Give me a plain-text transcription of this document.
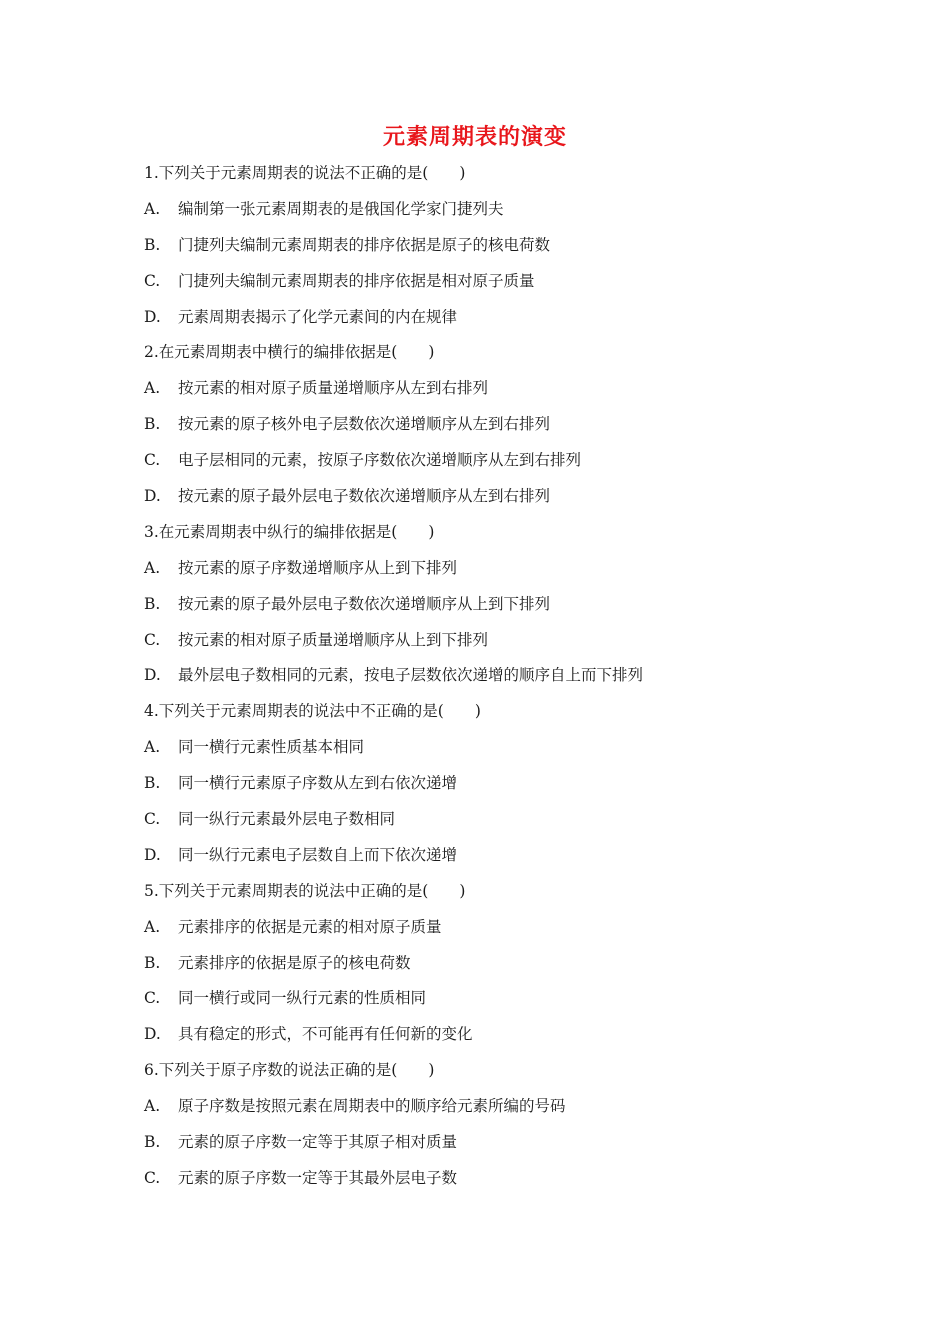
元素周期表的演变
1.下列关于元素周期表的说法不正确的是(　　)
A. 编制第一张元素周期表的是俄国化学家门捷列夫
B. 门捷列夫编制元素周期表的排序依据是原子的核电荷数
C. 门捷列夫编制元素周期表的排序依据是相对原子质量
D. 元素周期表揭示了化学元素间的内在规律
2.在元素周期表中横行的编排依据是(　　)
A. 按元素的相对原子质量递增顺序从左到右排列
B. 按元素的原子核外电子层数依次递增顺序从左到右排列
C. 电子层相同的元素，按原子序数依次递增顺序从左到右排列
D. 按元素的原子最外层电子数依次递增顺序从左到右排列
3.在元素周期表中纵行的编排依据是(　　)
A. 按元素的原子序数递增顺序从上到下排列
B. 按元素的原子最外层电子数依次递增顺序从上到下排列
C. 按元素的相对原子质量递增顺序从上到下排列
D. 最外层电子数相同的元素，按电子层数依次递增的顺序自上而下排列
4.下列关于元素周期表的说法中不正确的是(　　)
A. 同一横行元素性质基本相同
B. 同一横行元素原子序数从左到右依次递增
C. 同一纵行元素最外层电子数相同
D. 同一纵行元素电子层数自上而下依次递增
5.下列关于元素周期表的说法中正确的是(　　)
A. 元素排序的依据是元素的相对原子质量
B. 元素排序的依据是原子的核电荷数
C. 同一横行或同一纵行元素的性质相同
D. 具有稳定的形式，不可能再有任何新的变化
6.下列关于原子序数的说法正确的是(　　)
A. 原子序数是按照元素在周期表中的顺序给元素所编的号码
B. 元素的原子序数一定等于其原子相对质量
C. 元素的原子序数一定等于其最外层电子数
